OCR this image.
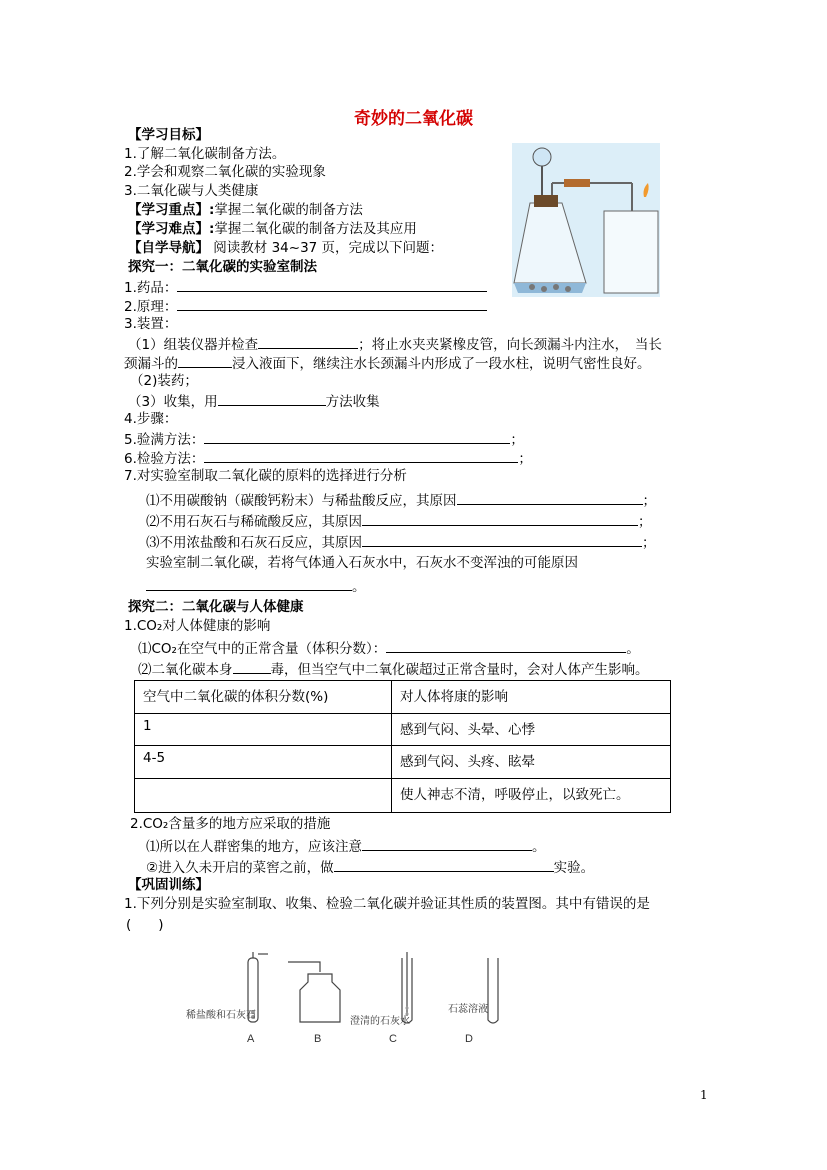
奇妙的二氧化碳
【学习目标】
1.了解二氧化碳制备方法。
2.学会和观察二氧化碳的实验现象
3.二氧化碳与人类健康
【学习重点】:掌握二氧化碳的制备方法
【学习难点】:掌握二氧化碳的制备方法及其应用
【自学导航】 阅读教材 34~37 页，完成以下问题：
探究一：二氧化碳的实验室制法
1.药品：
2.原理：
3.装置：
（1）组装仪器并检查	；将止水夹夹紧橡皮管，向长颈漏斗内注水，　当长
颈漏斗的	浸入液面下，继续注水长颈漏斗内形成了一段水柱，说明气密性良好。
（2)装药；
（3）收集，用	方法收集
4.步骤：
5.验满方法：	；
6.检验方法：	；
7.对实验室制取二氧化碳的原料的选择进行分析
⑴不用碳酸钠（碳酸钙粉末）与稀盐酸反应，其原因	；
⑵不用石灰石与稀硫酸反应，其原因	；
⑶不用浓盐酸和石灰石反应，其原因	；
实验室制二氧化碳，若将气体通入石灰水中，石灰水不变浑浊的可能原因
。
探究二：二氧化碳与人体健康
1.CO₂对人体健康的影响
⑴CO₂在空气中的正常含量（体积分数）：	。
⑵二氧化碳本身	毒，但当空气中二氧化碳超过正常含量时，会对人体产生影响。
空气中二氧化碳的体积分数(%)	对人体将康的影响
1	感到气闷、头晕、心悸
4-5	感到气闷、头疼、眩晕
	使人神志不清，呼吸停止，以致死亡。
2.CO₂含量多的地方应采取的措施
⑴所以在人群密集的地方，应该注意	。
②进入久未开启的菜窖之前，做	实验。
【巩固训练】
1.下列分别是实验室制取、收集、检验二氧化碳并验证其性质的装置图。其中有错误的是
(　　)
稀盐酸和石灰石
澄清的石灰水
石蕊溶液
A	B	C	D
1
